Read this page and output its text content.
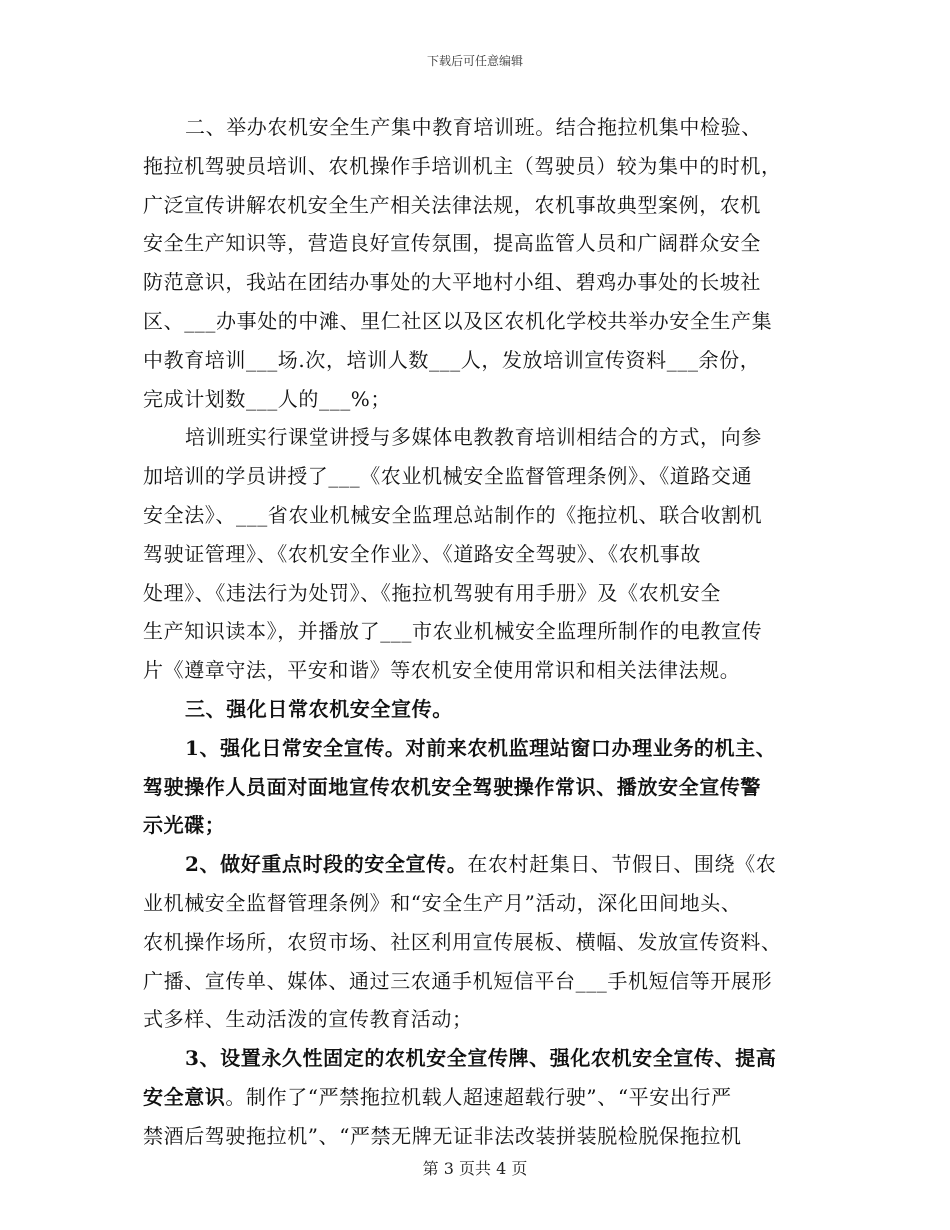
下载后可任意编辑
二、举办农机安全生产集中教育培训班。结合拖拉机集中检验、
拖拉机驾驶员培训、农机操作手培训机主（驾驶员）较为集中的时机，
广泛宣传讲解农机安全生产相关法律法规，农机事故典型案例，农机
安全生产知识等，营造良好宣传氛围，提高监管人员和广阔群众安全
防范意识，我站在团结办事处的大平地村小组、碧鸡办事处的长坡社
区、___办事处的中滩、里仁社区以及区农机化学校共举办安全生产集
中教育培训___场.次，培训人数___人，发放培训宣传资料___余份，
完成计划数___人的___%；
培训班实行课堂讲授与多媒体电教教育培训相结合的方式，向参
加培训的学员讲授了___《农业机械安全监督管理条例》、《道路交通
安全法》、___省农业机械安全监理总站制作的《拖拉机、联合收割机
驾驶证管理》、《农机安全作业》、《道路安全驾驶》、《农机事故
处理》、《违法行为处罚》、《拖拉机驾驶有用手册》及《农机安全
生产知识读本》，并播放了___市农业机械安全监理所制作的电教宣传
片《遵章守法，平安和谐》等农机安全使用常识和相关法律法规。
三、强化日常农机安全宣传。
1、强化日常安全宣传。对前来农机监理站窗口办理业务的机主、
驾驶操作人员面对面地宣传农机安全驾驶操作常识、播放安全宣传警
示光碟；
2、做好重点时段的安全宣传。在农村赶集日、节假日、围绕《农
业机械安全监督管理条例》和“安全生产月”活动，深化田间地头、
农机操作场所，农贸市场、社区利用宣传展板、横幅、发放宣传资料、
广播、宣传单、媒体、通过三农通手机短信平台___手机短信等开展形
式多样、生动活泼的宣传教育活动；
3、设置永久性固定的农机安全宣传牌、强化农机安全宣传、提高
安全意识。制作了“严禁拖拉机载人超速超载行驶”、“平安出行严
禁酒后驾驶拖拉机”、“严禁无牌无证非法改装拼装脱检脱保拖拉机
第 3 页共 4 页
